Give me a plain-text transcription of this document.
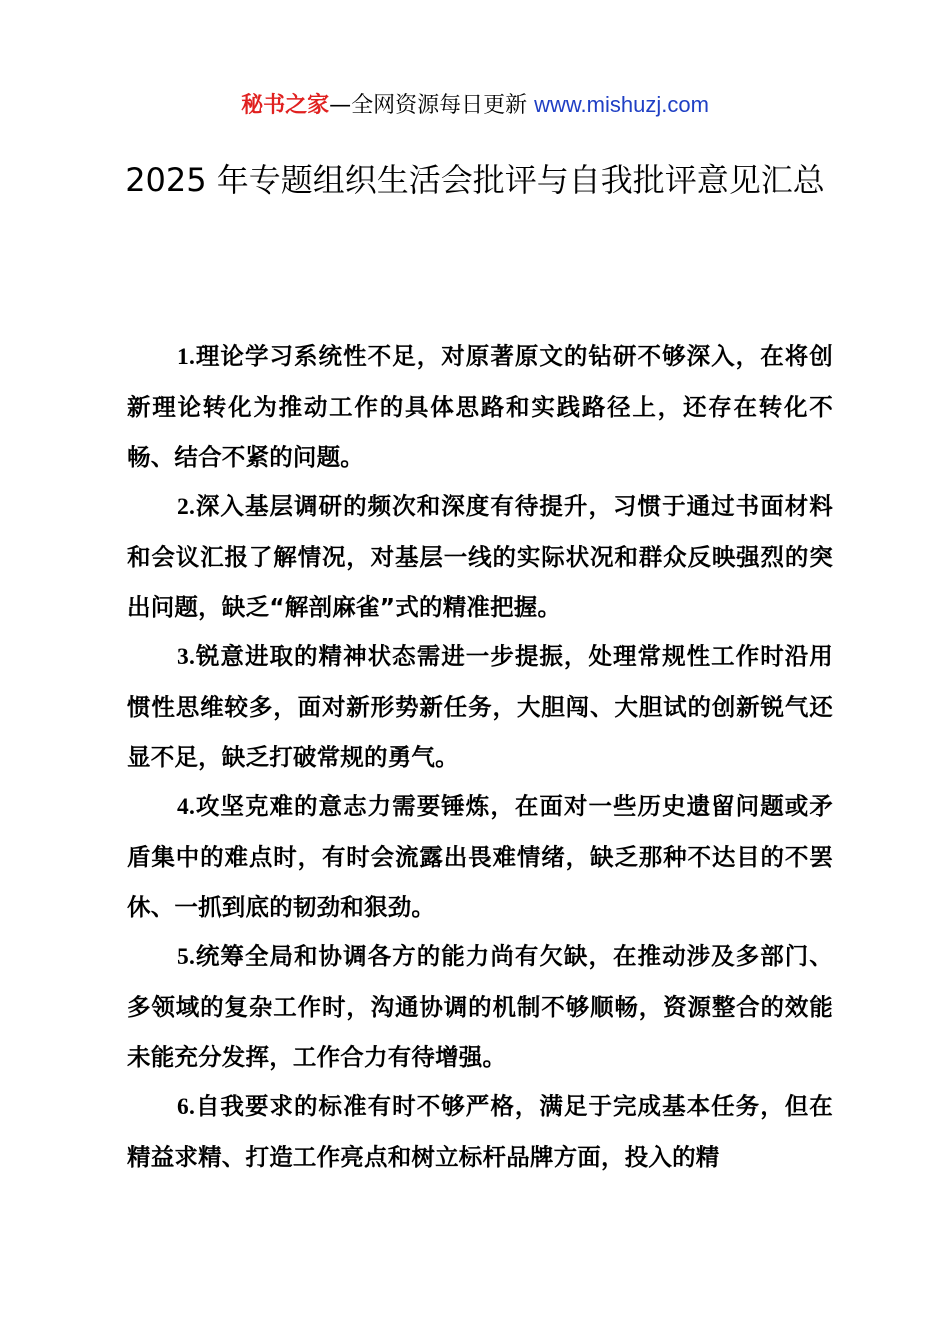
秘书之家—全网资源每日更新 www.mishuzj.com
2025 年专题组织生活会批评与自我批评意见汇总

1.理论学习系统性不足，对原著原文的钻研不够深入，在将创新理论转化为推动工作的具体思路和实践路径上，还存在转化不畅、结合不紧的问题。

2.深入基层调研的频次和深度有待提升，习惯于通过书面材料和会议汇报了解情况，对基层一线的实际状况和群众反映强烈的突出问题，缺乏“解剖麻雀”式的精准把握。

3.锐意进取的精神状态需进一步提振，处理常规性工作时沿用惯性思维较多，面对新形势新任务，大胆闯、大胆试的创新锐气还显不足，缺乏打破常规的勇气。

4.攻坚克难的意志力需要锤炼，在面对一些历史遗留问题或矛盾集中的难点时，有时会流露出畏难情绪，缺乏那种不达目的不罢休、一抓到底的韧劲和狠劲。

5.统筹全局和协调各方的能力尚有欠缺，在推动涉及多部门、多领域的复杂工作时，沟通协调的机制不够顺畅，资源整合的效能未能充分发挥，工作合力有待增强。

6.自我要求的标准有时不够严格，满足于完成基本任务，但在精益求精、打造工作亮点和树立标杆品牌方面，投入的精
